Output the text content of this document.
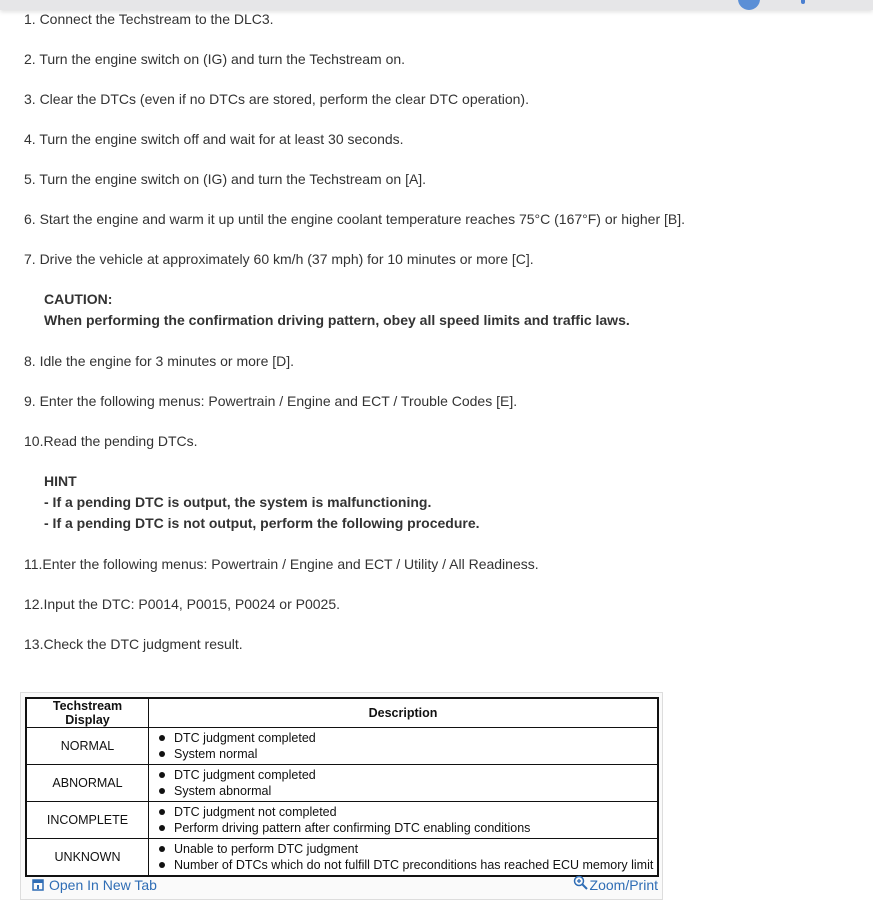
1. Connect the Techstream to the DLC3.
2. Turn the engine switch on (IG) and turn the Techstream on.
3. Clear the DTCs (even if no DTCs are stored, perform the clear DTC operation).
4. Turn the engine switch off and wait for at least 30 seconds.
5. Turn the engine switch on (IG) and turn the Techstream on [A].
6. Start the engine and warm it up until the engine coolant temperature reaches 75°C (167°F) or higher [B].
7. Drive the vehicle at approximately 60 km/h (37 mph) for 10 minutes or more [C].
CAUTION:
When performing the confirmation driving pattern, obey all speed limits and traffic laws.
8. Idle the engine for 3 minutes or more [D].
9. Enter the following menus: Powertrain / Engine and ECT / Trouble Codes [E].
10.Read the pending DTCs.
HINT
- If a pending DTC is output, the system is malfunctioning.
- If a pending DTC is not output, perform the following procedure.
11.Enter the following menus: Powertrain / Engine and ECT / Utility / All Readiness.
12.Input the DTC: P0014, P0015, P0024 or P0025.
13.Check the DTC judgment result.
Techstream Display	Description
NORMAL	DTC judgment completed
System normal

ABNORMAL	DTC judgment completed
System abnormal

INCOMPLETE	DTC judgment not completed
Perform driving pattern after confirming DTC enabling conditions

UNKNOWN	Unable to perform DTC judgment
Number of DTCs which do not fulfill DTC preconditions has reached ECU memory limit
Open In New Tab	Zoom/Print
